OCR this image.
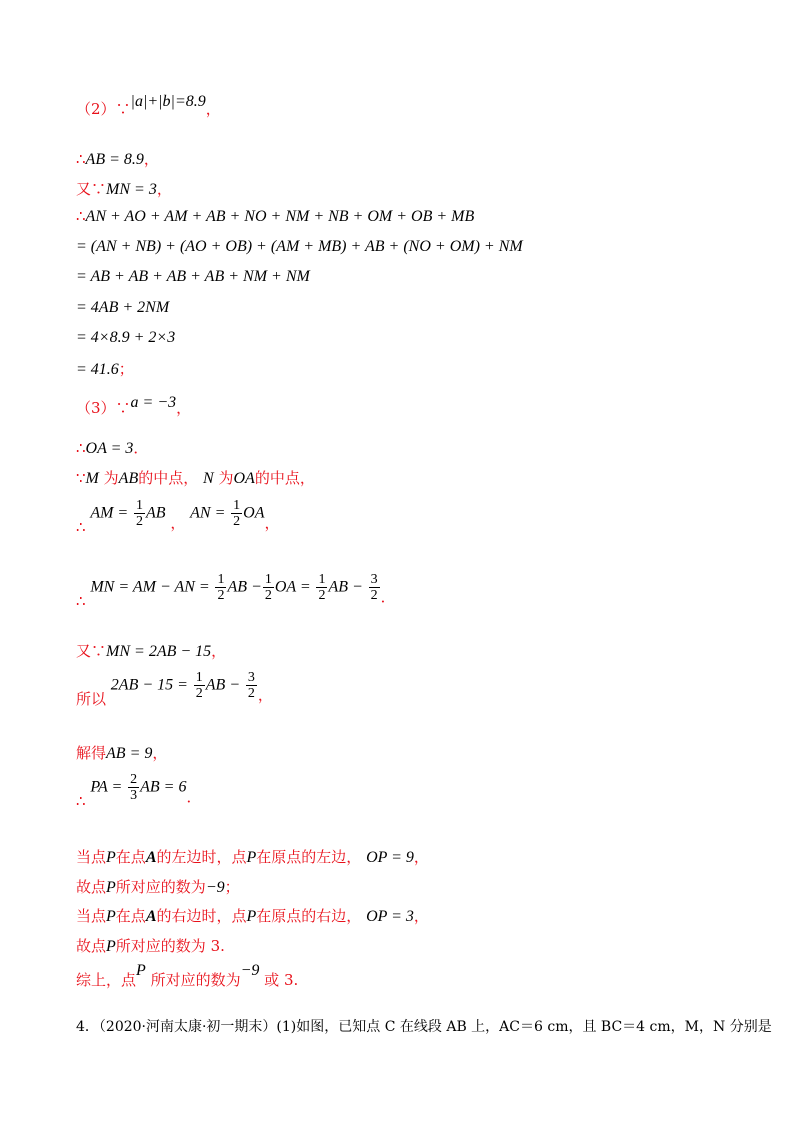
（2）∵|a|+|b|=8.9，
∴AB = 8.9，
又∵MN = 3，
∴AN + AO + AM + AB + NO + NM + NB + OM + OB + MB
= (AN + NB) + (AO + OB) + (AM + MB) + AB + (NO + OM) + NM
= AB + AB + AB + AB + NM + NM
= 4AB + 2NM
= 4×8.9 + 2×3
= 41.6；
（3）∵a = −3，
∴OA = 3．
∵M 为AB的中点， N 为OA的中点，
∴ AM = $\frac{1}{2}$ AB ， AN = $\frac{1}{2}$ OA，
∴ MN = AM − AN = $\frac{1}{2}$ AB − $\frac{1}{2}$ OA = $\frac{1}{2}$ AB − $\frac{3}{2}$ ．
又∵MN = 2AB − 15，
所以 $2AB - 15 = \frac{1}{2}$ AB − $\frac{3}{2}$ ，
解得AB = 9，
∴ PA = $\frac{2}{3}$ AB = 6．
当点P在点A的左边时，点P在原点的左边， OP = 9，
故点P所对应的数为−9；
当点P在点A的右边时，点P在原点的右边， OP = 3，
故点P所对应的数为 3.
综上，点P 所对应的数为−9 或 3.
4．（2020·河南太康·初一期末）(1)如图，已知点 C 在线段 AB 上，AC＝6 cm，且 BC＝4 cm，M，N 分别是
